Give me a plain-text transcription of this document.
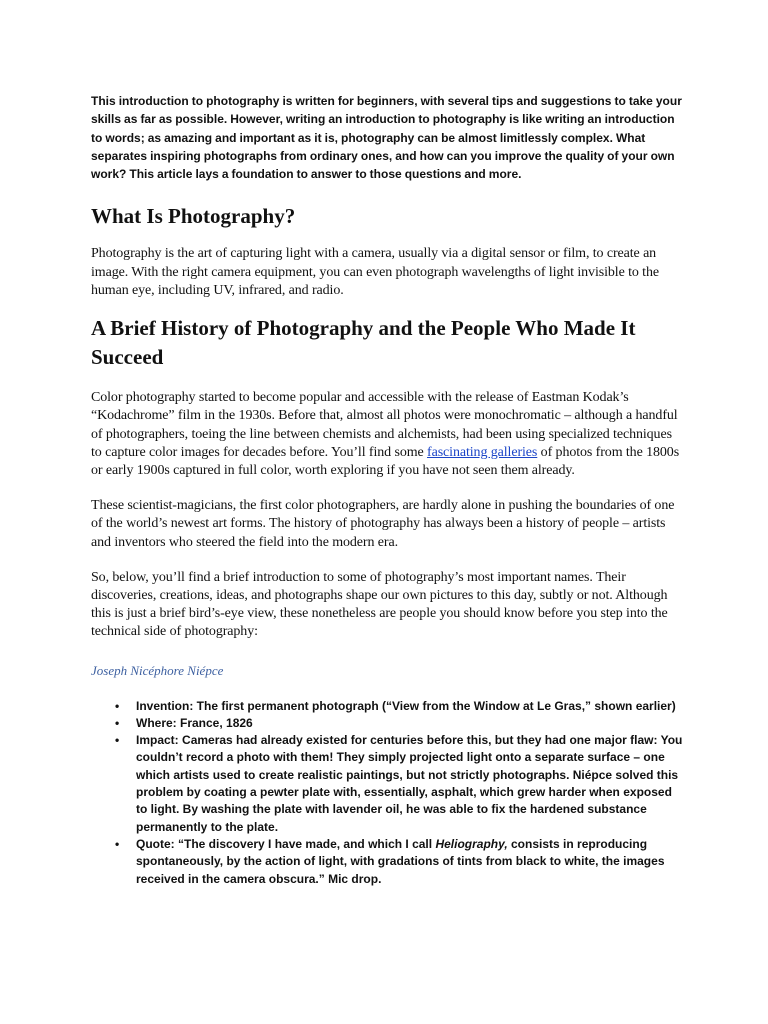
This introduction to photography is written for beginners, with several tips and suggestions to take your skills as far as possible. However, writing an introduction to photography is like writing an introduction to words; as amazing and important as it is, photography can be almost limitlessly complex. What separates inspiring photographs from ordinary ones, and how can you improve the quality of your own work? This article lays a foundation to answer to those questions and more.

What Is Photography?

Photography is the art of capturing light with a camera, usually via a digital sensor or film, to create an image. With the right camera equipment, you can even photograph wavelengths of light invisible to the human eye, including UV, infrared, and radio.

A Brief History of Photography and the People Who Made It Succeed

Color photography started to become popular and accessible with the release of Eastman Kodak’s “Kodachrome” film in the 1930s. Before that, almost all photos were monochromatic – although a handful of photographers, toeing the line between chemists and alchemists, had been using specialized techniques to capture color images for decades before. You’ll find some fascinating galleries of photos from the 1800s or early 1900s captured in full color, worth exploring if you have not seen them already.

These scientist-magicians, the first color photographers, are hardly alone in pushing the boundaries of one of the world’s newest art forms. The history of photography has always been a history of people – artists and inventors who steered the field into the modern era.

So, below, you’ll find a brief introduction to some of photography’s most important names. Their discoveries, creations, ideas, and photographs shape our own pictures to this day, subtly or not. Although this is just a brief bird’s-eye view, these nonetheless are people you should know before you step into the technical side of photography:

Joseph Nicéphore Niépce

• Invention: The first permanent photograph (“View from the Window at Le Gras,” shown earlier)
• Where: France, 1826
• Impact: Cameras had already existed for centuries before this, but they had one major flaw: You couldn’t record a photo with them! They simply projected light onto a separate surface – one which artists used to create realistic paintings, but not strictly photographs. Niépce solved this problem by coating a pewter plate with, essentially, asphalt, which grew harder when exposed to light. By washing the plate with lavender oil, he was able to fix the hardened substance permanently to the plate.
• Quote: “The discovery I have made, and which I call Heliography, consists in reproducing spontaneously, by the action of light, with gradations of tints from black to white, the images received in the camera obscura.” Mic drop.
